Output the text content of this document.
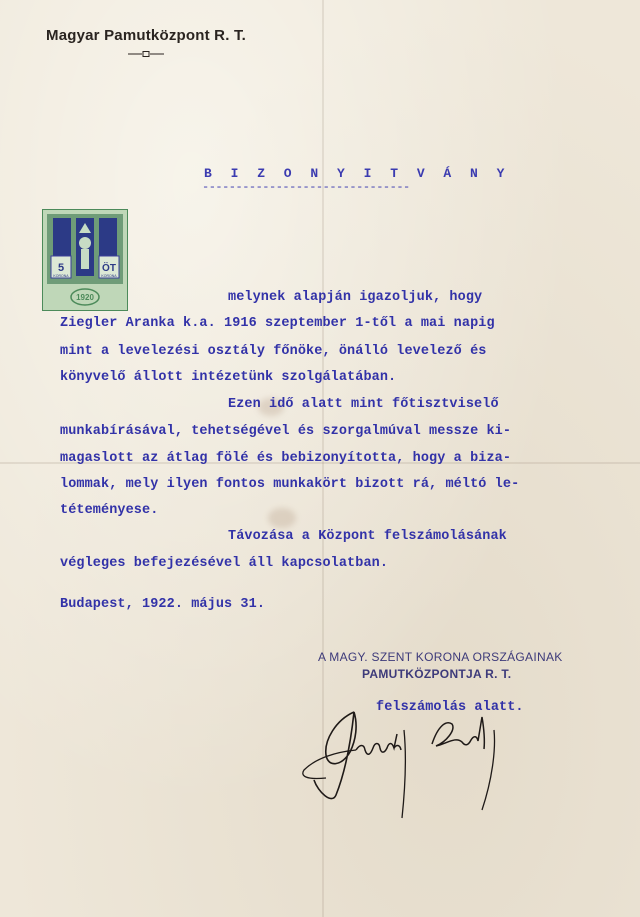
Magyar Pamutközpont R. T.
B I Z O N Y I T V Á N Y
-------------------------------
5	ÖT
KORONA	KORONA
1920	melynek alapján igazoljuk, hogy
Ziegler Aranka k.a. 1916 szeptember 1-től a mai napig
mint a levelezési osztály főnöke, önálló levelező és
könyvelő állott intézetünk szolgálatában.
Ezen idő alatt mint főtisztviselő
munkabírásával, tehetségével és szorgalmúval messze ki-
magaslott az átlag fölé és bebizonyította, hogy a biza-
lommak, mely ilyen fontos munkakört bizott rá, méltó le-
téteményese.
Távozása a Központ felszámolásának
végleges befejezésével áll kapcsolatban.
Budapest, 1922. május 31.
A MAGY. SZENT KORONA ORSZÁGAINAK
PAMUTKÖZPONTJA R. T.
felszámolás alatt.
